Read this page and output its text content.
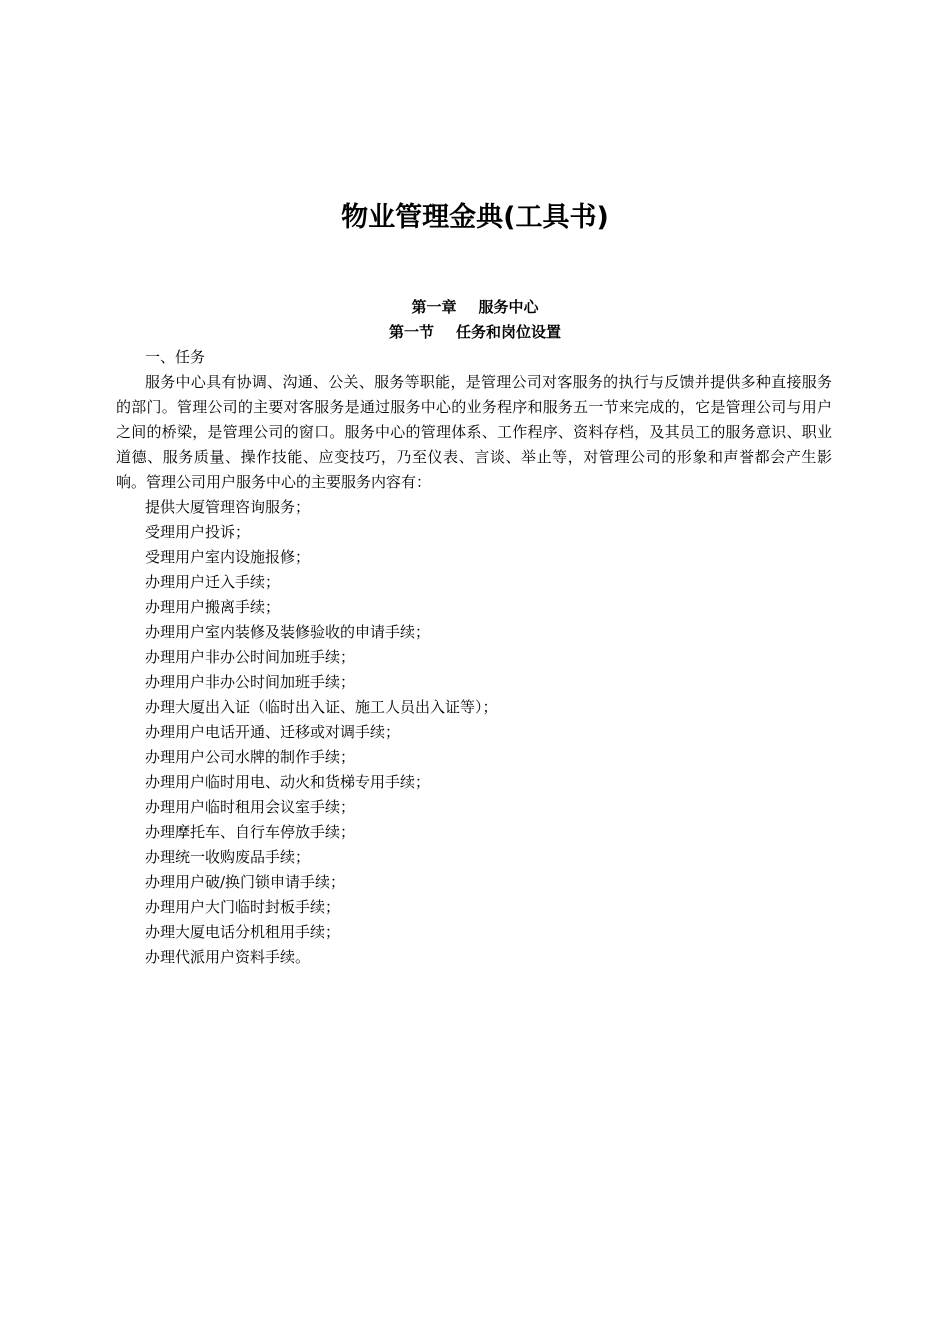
物业管理金典(工具书)
第一章 服务中心
第一节 任务和岗位设置

一、任务

服务中心具有协调、沟通、公关、服务等职能，是管理公司对客服务的执行与反馈并提供多种直接服务的部门。管理公司的主要对客服务是通过服务中心的业务程序和服务五一节来完成的，它是管理公司与用户之间的桥梁，是管理公司的窗口。服务中心的管理体系、工作程序、资料存档，及其员工的服务意识、职业道德、服务质量、操作技能、应变技巧，乃至仪表、言谈、举止等，对管理公司的形象和声誉都会产生影响。管理公司用户服务中心的主要服务内容有：

提供大厦管理咨询服务；
受理用户投诉；
受理用户室内设施报修；
办理用户迁入手续；
办理用户搬离手续；
办理用户室内装修及装修验收的申请手续；
办理用户非办公时间加班手续；
办理用户非办公时间加班手续；
办理大厦出入证（临时出入证、施工人员出入证等）；
办理用户电话开通、迁移或对调手续；
办理用户公司水牌的制作手续；
办理用户临时用电、动火和货梯专用手续；
办理用户临时租用会议室手续；
办理摩托车、自行车停放手续；
办理统一收购废品手续；
办理用户破/换门锁申请手续；
办理用户大门临时封板手续；
办理大厦电话分机租用手续；
办理代派用户资料手续。
